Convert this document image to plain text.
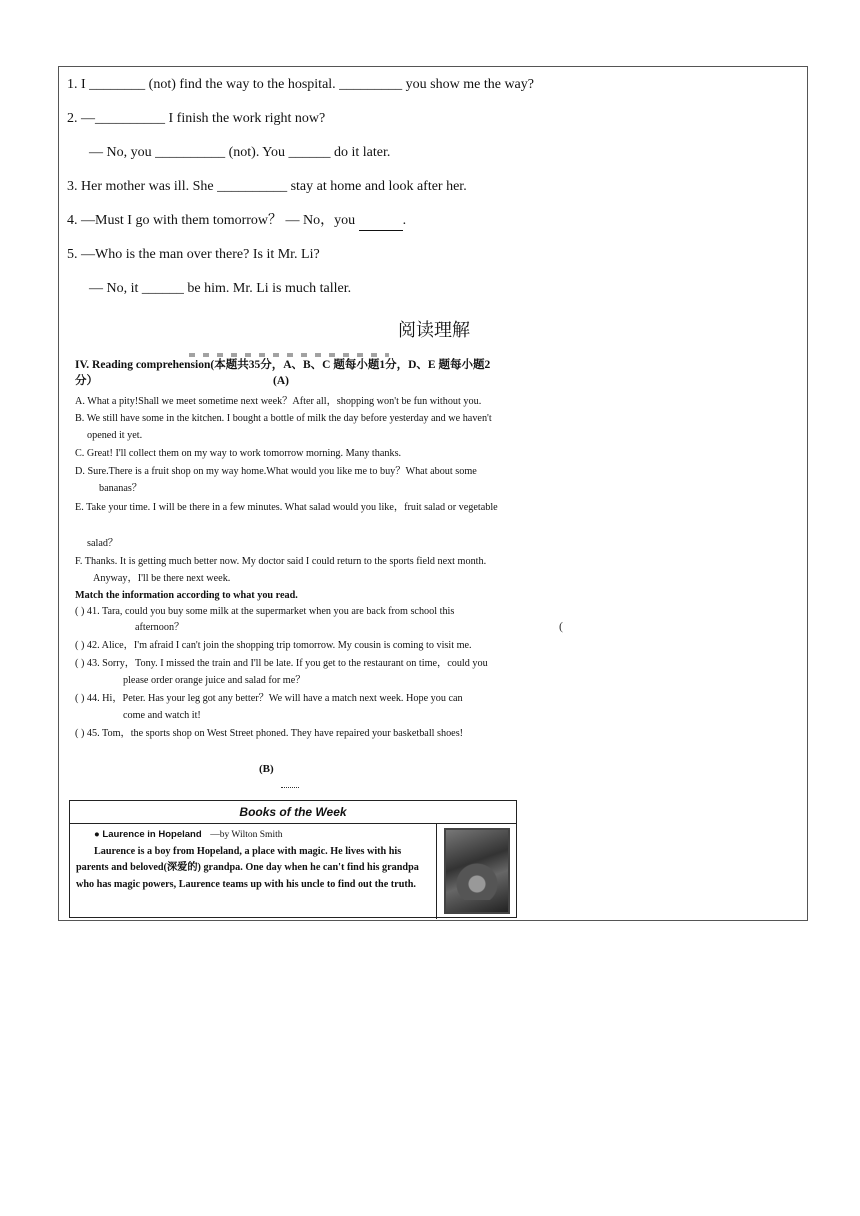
1. I ________ (not) find the way to the hospital. _________ you show me the way?
2. —__________ I finish the work right now?
— No, you __________ (not). You ______ do it later.
3. Her mother was ill. She __________ stay at home and look after her.
4. —Must I go with them tomorrow？ — No，you	.
5. —Who is the man over there? Is it Mr. Li?
— No, it ______ be him. Mr. Li is much taller.
阅读理解
IV. Reading comprehension(本题共35分，A、B、C 题每小题1分，D、E 题每小题2
分）	(A)
A. What a pity!Shall we meet sometime next week？After all，shopping won't be fun without you.
B. We still have some in the kitchen. I bought a bottle of milk the day before yesterday and we haven't
opened it yet.
C. Great! I'll collect them on my way to work tomorrow morning. Many thanks.
D. Sure.There is a fruit shop on my way home.What would you like me to buy？What about some
bananas？
E. Take your time. I will be there in a few minutes. What salad would you like，fruit salad or vegetable
salad？
F. Thanks. It is getting much better now. My doctor said I could return to the sports field next month.
Anyway，I'll be there next week.
Match the information according to what you read.
( ) 41. Tara, could you buy some milk at the supermarket when you are back from school this
afternoon？
( ) 42. Alice，I'm afraid I can't join the shopping trip tomorrow. My cousin is coming to visit me.
( ) 43. Sorry，Tony. I missed the train and I'll be late. If you get to the restaurant on time，could you
please order orange juice and salad for me？
( ) 44. Hi，Peter. Has your leg got any better？We will have a match next week. Hope you can
come and watch it!
( ) 45. Tom，the sports shop on West Street phoned. They have repaired your basketball shoes!
(
(B)
Books of the Week
● Laurence in Hopeland —by Wilton Smith
Laurence is a boy from Hopeland, a place with magic. He lives with his
parents and beloved(深爱的) grandpa. One day when he can't find his grandpa
who has magic powers, Laurence teams up with his uncle to find out the truth.
